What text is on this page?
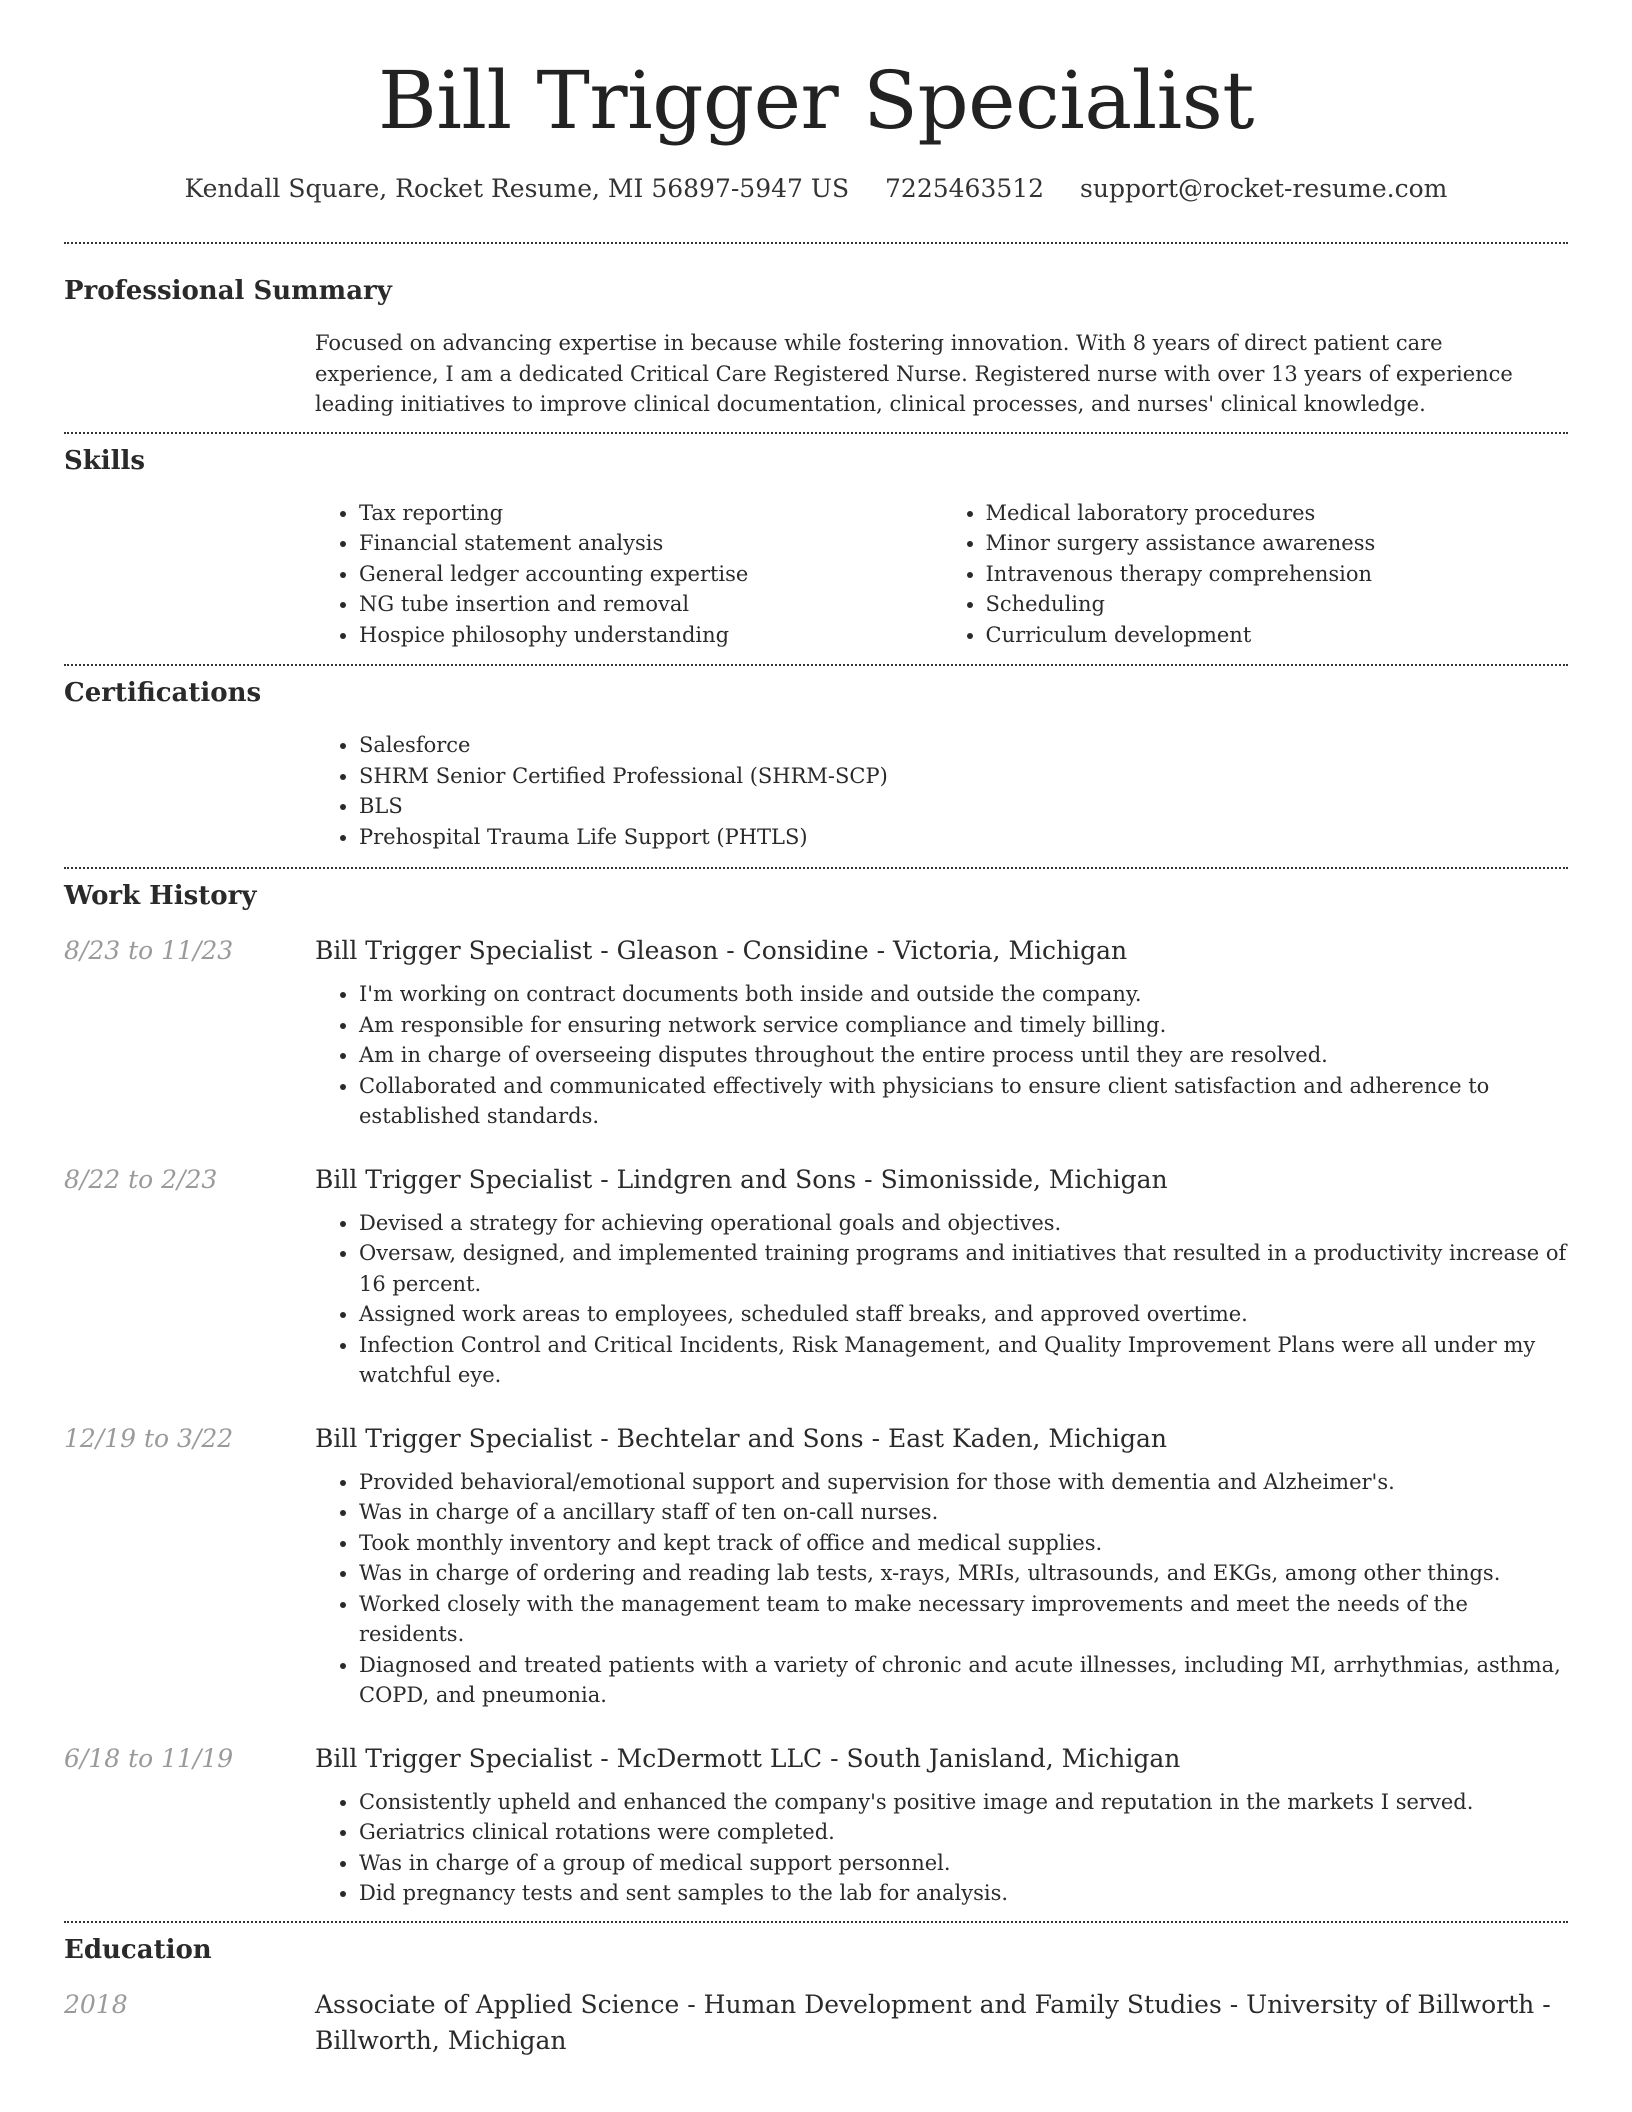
Bill Trigger Specialist
Kendall Square, Rocket Resume, MI 56897-5947 US 7225463512 support@rocket-resume.com
Professional Summary
Focused on advancing expertise in because while fostering innovation. With 8 years of direct patient care experience, I am a dedicated Critical Care Registered Nurse. Registered nurse with over 13 years of experience leading initiatives to improve clinical documentation, clinical processes, and nurses' clinical knowledge.
Skills
• Tax reporting
• Financial statement analysis
• General ledger accounting expertise
• NG tube insertion and removal
• Hospice philosophy understanding
• Medical laboratory procedures
• Minor surgery assistance awareness
• Intravenous therapy comprehension
• Scheduling
• Curriculum development
Certifications
• Salesforce
• SHRM Senior Certified Professional (SHRM-SCP)
• BLS
• Prehospital Trauma Life Support (PHTLS)
Work History
8/23 to 11/23	Bill Trigger Specialist - Gleason - Considine - Victoria, Michigan
• I'm working on contract documents both inside and outside the company.
• Am responsible for ensuring network service compliance and timely billing.
• Am in charge of overseeing disputes throughout the entire process until they are resolved.
• Collaborated and communicated effectively with physicians to ensure client satisfaction and adherence to established standards.
8/22 to 2/23	Bill Trigger Specialist - Lindgren and Sons - Simonisside, Michigan
• Devised a strategy for achieving operational goals and objectives.
• Oversaw, designed, and implemented training programs and initiatives that resulted in a productivity increase of 16 percent.
• Assigned work areas to employees, scheduled staff breaks, and approved overtime.
• Infection Control and Critical Incidents, Risk Management, and Quality Improvement Plans were all under my watchful eye.
12/19 to 3/22	Bill Trigger Specialist - Bechtelar and Sons - East Kaden, Michigan
• Provided behavioral/emotional support and supervision for those with dementia and Alzheimer's.
• Was in charge of a ancillary staff of ten on-call nurses.
• Took monthly inventory and kept track of office and medical supplies.
• Was in charge of ordering and reading lab tests, x-rays, MRIs, ultrasounds, and EKGs, among other things.
• Worked closely with the management team to make necessary improvements and meet the needs of the residents.
• Diagnosed and treated patients with a variety of chronic and acute illnesses, including MI, arrhythmias, asthma, COPD, and pneumonia.
6/18 to 11/19	Bill Trigger Specialist - McDermott LLC - South Janisland, Michigan
• Consistently upheld and enhanced the company's positive image and reputation in the markets I served.
• Geriatrics clinical rotations were completed.
• Was in charge of a group of medical support personnel.
• Did pregnancy tests and sent samples to the lab for analysis.
Education
2018	Associate of Applied Science - Human Development and Family Studies - University of Billworth - Billworth, Michigan
